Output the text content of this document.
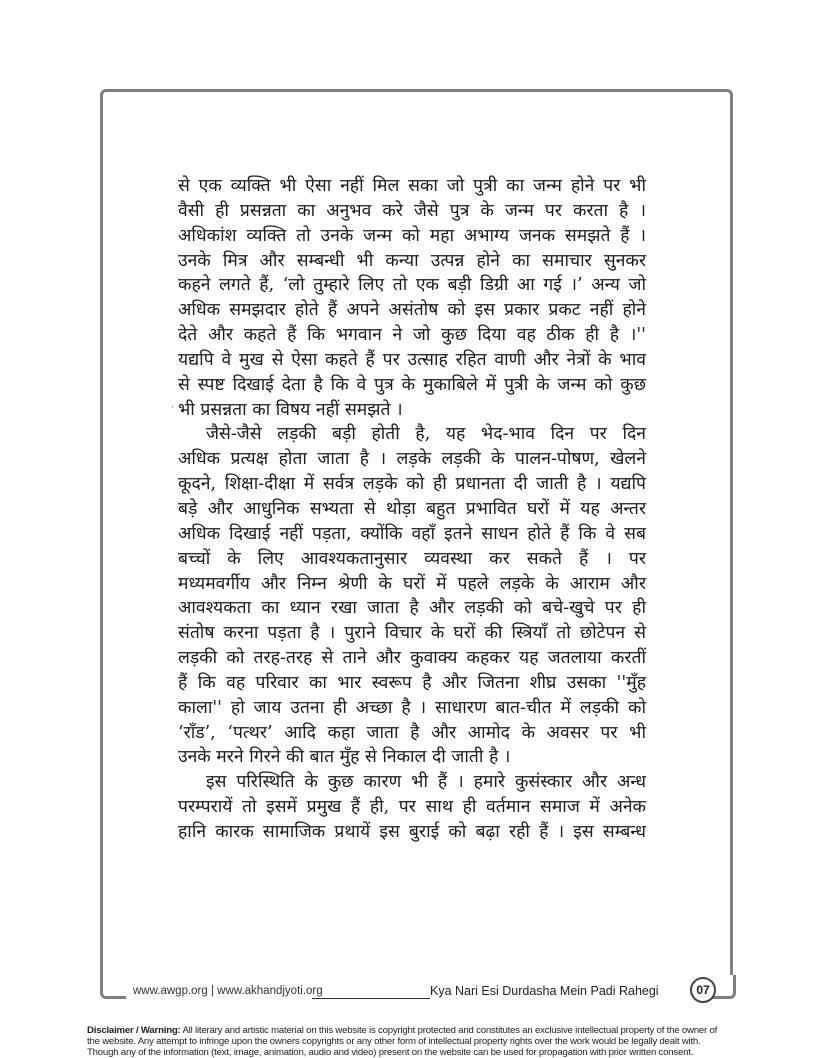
,
से एक व्यक्ति भी ऐसा नहीं मिल सका जो पुत्री का जन्म होने पर भी
वैसी ही प्रसन्नता का अनुभव करे जैसे पुत्र के जन्म पर करता है ।
अधिकांश व्यक्ति तो उनके जन्म को महा अभाग्य जनक समझते हैं ।
उनके मित्र और सम्बन्धी भी कन्या उत्पन्न होने का समाचार सुनकर
कहने लगते हैं, ‘लो तुम्हारे लिए तो एक बड़ी डिग्री आ गई ।’ अन्य जो
अधिक समझदार होते हैं अपने असंतोष को इस प्रकार प्रकट नहीं होने
देते और कहते हैं कि भगवान ने जो कुछ दिया वह ठीक ही है ।''
यद्यपि वे मुख से ऐसा कहते हैं पर उत्साह रहित वाणी और नेत्रों के भाव
से स्पष्ट दिखाई देता है कि वे पुत्र के मुकाबिले में पुत्री के जन्म को कुछ
भी प्रसन्नता का विषय नहीं समझते ।
जैसे-जैसे लड़की बड़ी होती है, यह भेद-भाव दिन पर दिन
अधिक प्रत्यक्ष होता जाता है । लड़के लड़की के पालन-पोषण, खेलने
कूदने, शिक्षा-दीक्षा में सर्वत्र लड़के को ही प्रधानता दी जाती है । यद्यपि
बड़े और आधुनिक सभ्यता से थोड़ा बहुत प्रभावित घरों में यह अन्तर
अधिक दिखाई नहीं पड़ता, क्योंकि वहाँ इतने साधन होते हैं कि वे सब
बच्चों के लिए आवश्यकतानुसार व्यवस्था कर सकते हैं । पर
मध्यमवर्गीय और निम्न श्रेणी के घरों में पहले लड़के के आराम और
आवश्यकता का ध्यान रखा जाता है और लड़की को बचे-खुचे पर ही
संतोष करना पड़ता है । पुराने विचार के घरों की स्त्रियाँ तो छोटेपन से
लड़की को तरह-तरह से ताने और कुवाक्य कहकर यह जतलाया करतीं
हैं कि वह परिवार का भार स्वरूप है और जितना शीघ्र उसका ''मुँह
काला'' हो जाय उतना ही अच्छा है । साधारण बात-चीत में लड़की को
‘राँड’, ‘पत्थर’ आदि कहा जाता है और आमोद के अवसर पर भी
उनके मरने गिरने की बात मुँह से निकाल दी जाती है ।
इस परिस्थिति के कुछ कारण भी हैं । हमारे कुसंस्कार और अन्ध
परम्परायें तो इसमें प्रमुख हैं ही, पर साथ ही वर्तमान समाज में अनेक
हानि कारक सामाजिक प्रथायें इस बुराई को बढ़ा रही हैं । इस सम्बन्ध
www.awgp.org | www.akhandjyoti.org	Kya Nari Esi Durdasha Mein Padi Rahegi	07
Disclaimer / Warning: All literary and artistic material on this website is copyright protected and constitutes an exclusive intellectual property of the owner of
the website. Any attempt to infringe upon the owners copyrights or any other form of intellectual property rights over the work would be legally dealt with.
Though any of the information (text, image, animation, audio and video) present on the website can be used for propagation with prior written consent.
